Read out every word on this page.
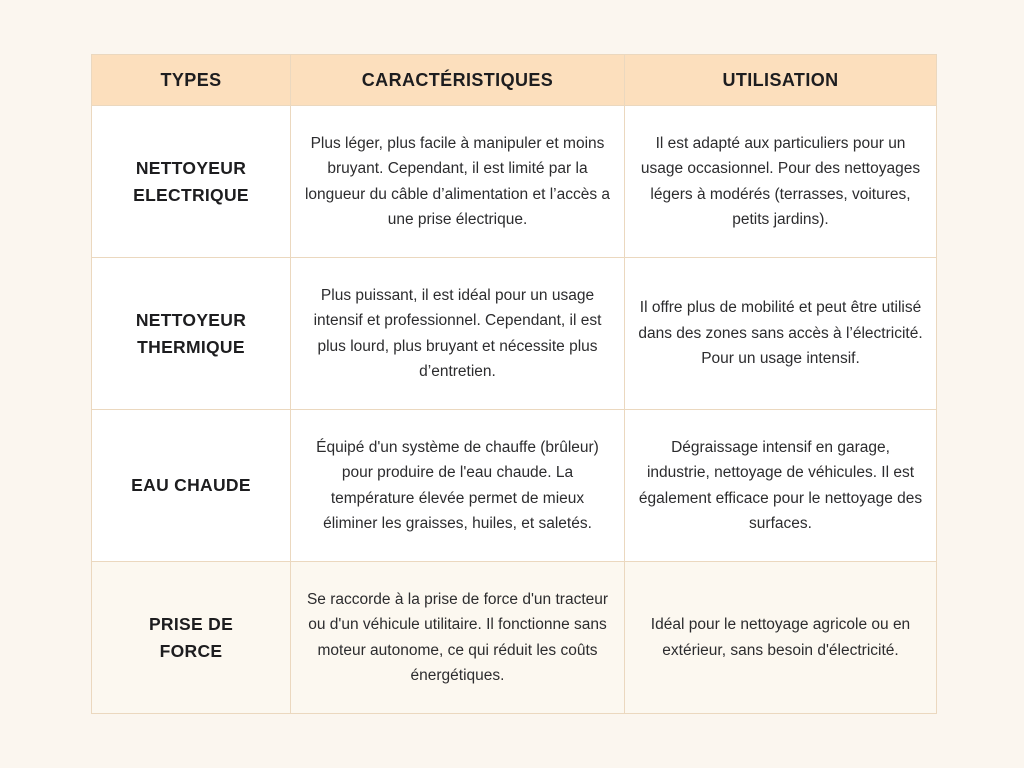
TYPES	CARACTÉRISTIQUES	UTILISATION
NETTOYEUR ELECTRIQUE	Plus léger, plus facile à manipuler et moins bruyant. Cependant, il est limité par la longueur du câble d’alimentation et l’accès a une prise électrique.	Il est adapté aux particuliers pour un usage occasionnel. Pour des nettoyages légers à modérés (terrasses, voitures, petits jardins).
NETTOYEUR THERMIQUE	Plus puissant, il est idéal pour un usage intensif et professionnel. Cependant, il est plus lourd, plus bruyant et nécessite plus d’entretien.	Il offre plus de mobilité et peut être utilisé dans des zones sans accès à l’électricité. Pour un usage intensif.
EAU CHAUDE	Équipé d'un système de chauffe (brûleur) pour produire de l'eau chaude. La température élevée permet de mieux éliminer les graisses, huiles, et saletés.	Dégraissage intensif en garage, industrie, nettoyage de véhicules. Il est également efficace pour le nettoyage des surfaces.
PRISE DE FORCE	Se raccorde à la prise de force d'un tracteur ou d'un véhicule utilitaire. Il fonctionne sans moteur autonome, ce qui réduit les coûts énergétiques.	Idéal pour le nettoyage agricole ou en extérieur, sans besoin d'électricité.
